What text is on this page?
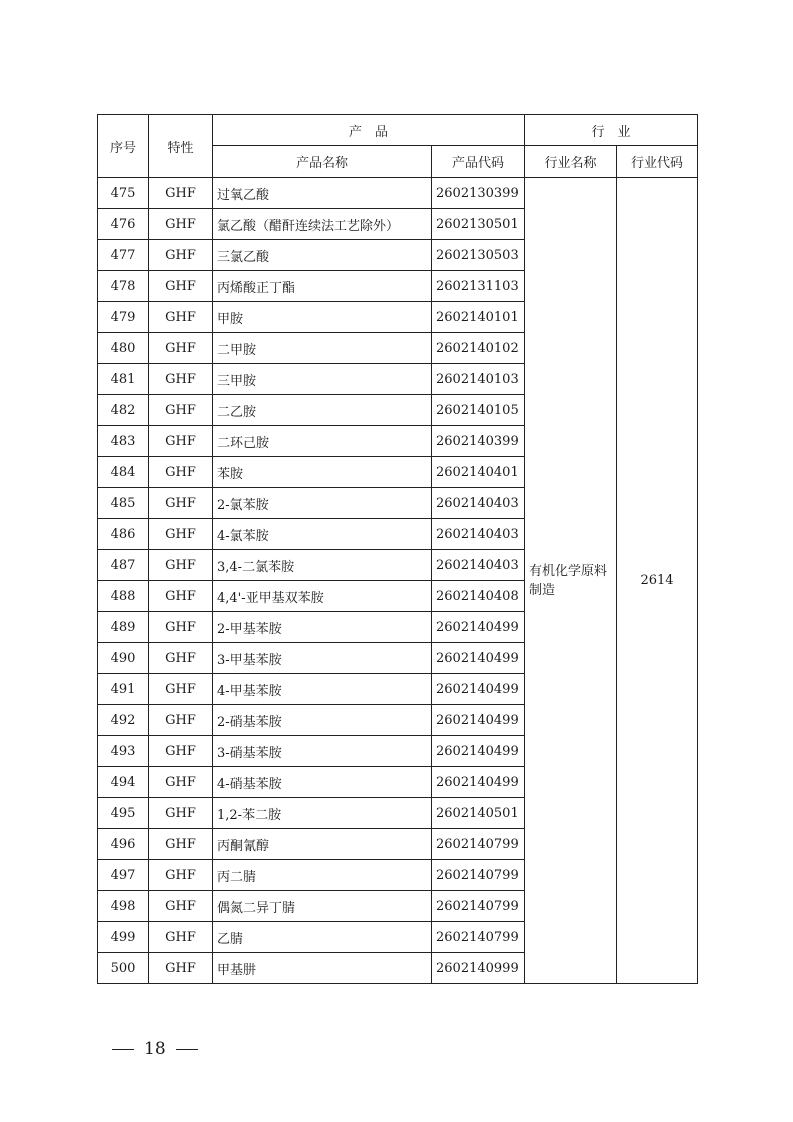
序号	特性	产　品		行　业	
		产品名称	产品代码	行业名称	行业代码
475	GHF	过氧乙酸	2602130399	有机化学原料制造	2614
476	GHF	氯乙酸（醋酐连续法工艺除外）	2602130501		
477	GHF	三氯乙酸	2602130503		
478	GHF	丙烯酸正丁酯	2602131103		
479	GHF	甲胺	2602140101		
480	GHF	二甲胺	2602140102		
481	GHF	三甲胺	2602140103		
482	GHF	二乙胺	2602140105		
483	GHF	二环己胺	2602140399		
484	GHF	苯胺	2602140401		
485	GHF	2-氯苯胺	2602140403		
486	GHF	4-氯苯胺	2602140403		
487	GHF	3,4-二氯苯胺	2602140403		
488	GHF	4,4'-亚甲基双苯胺	2602140408		
489	GHF	2-甲基苯胺	2602140499		
490	GHF	3-甲基苯胺	2602140499		
491	GHF	4-甲基苯胺	2602140499		
492	GHF	2-硝基苯胺	2602140499		
493	GHF	3-硝基苯胺	2602140499		
494	GHF	4-硝基苯胺	2602140499		
495	GHF	1,2-苯二胺	2602140501		
496	GHF	丙酮氰醇	2602140799		
497	GHF	丙二腈	2602140799		
498	GHF	偶氮二异丁腈	2602140799		
499	GHF	乙腈	2602140799		
500	GHF	甲基肼	2602140999		
18
